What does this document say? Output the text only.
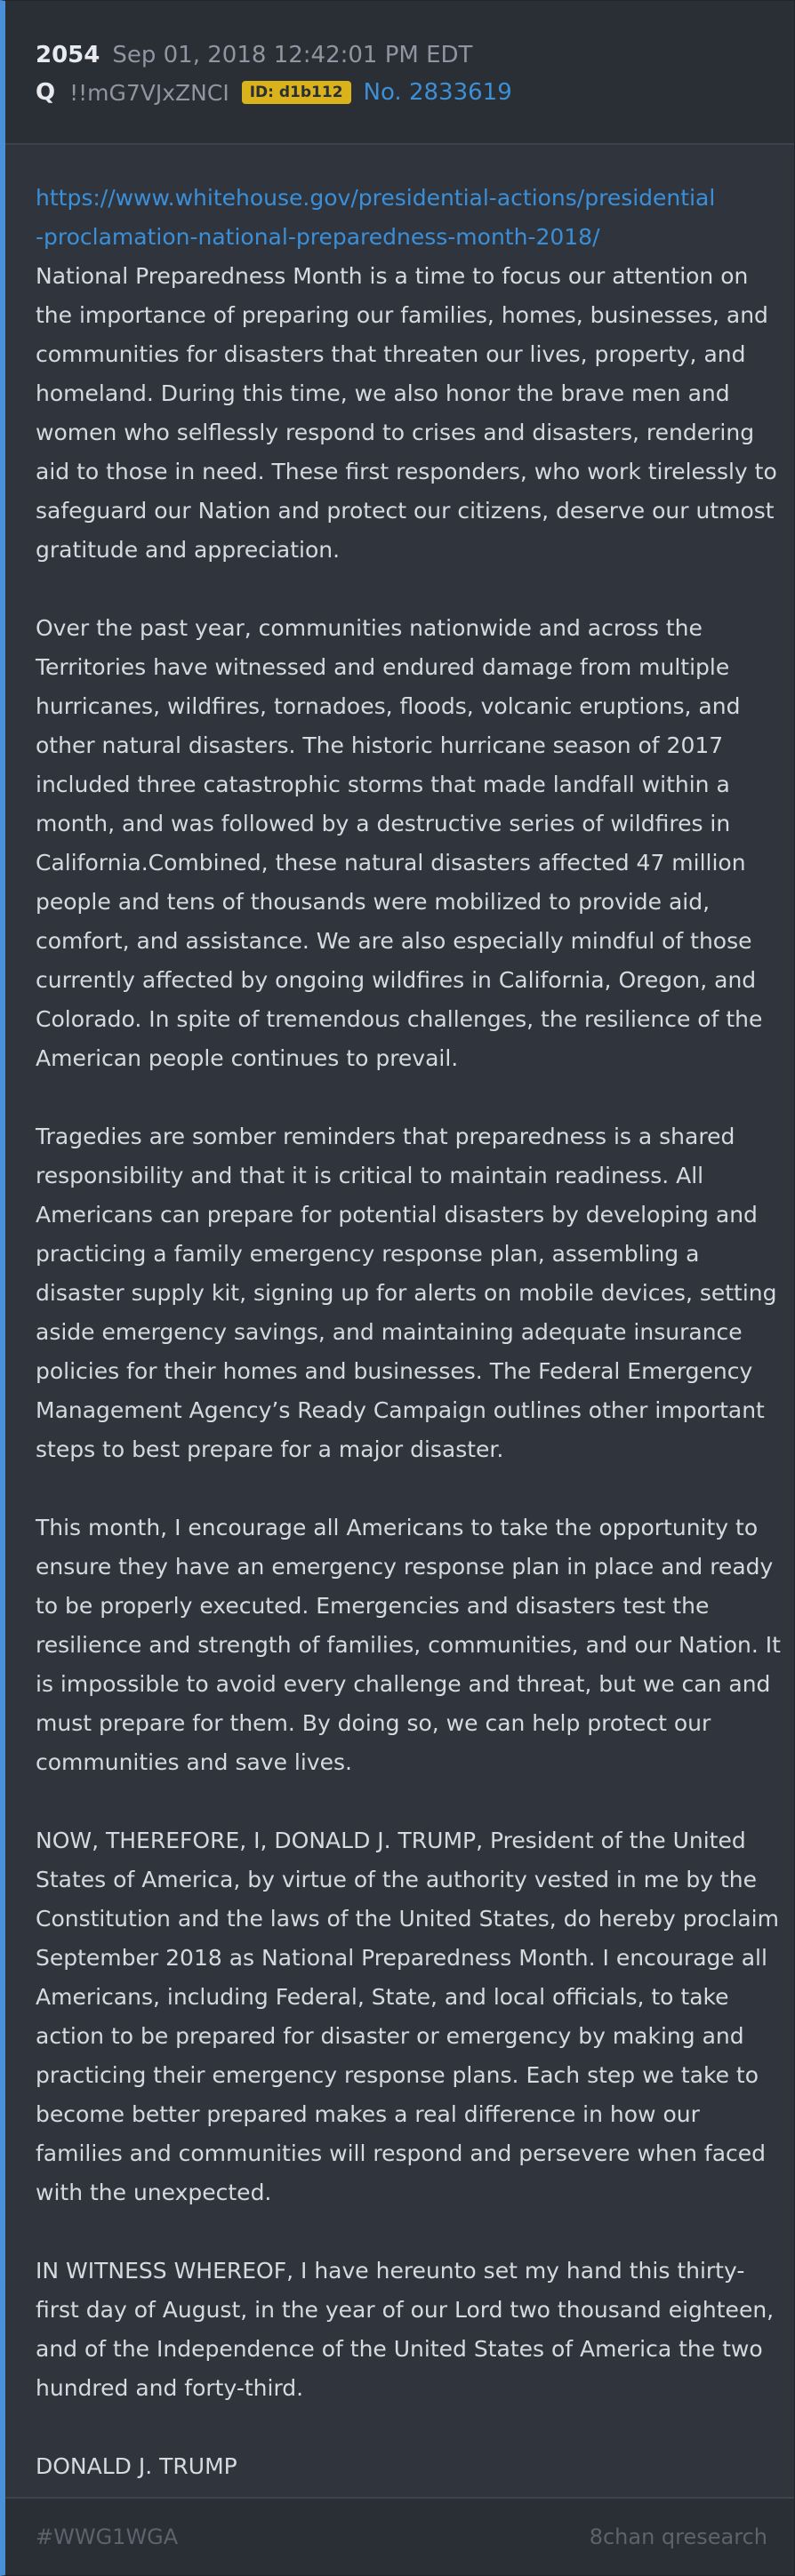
2054 Sep 01, 2018 12:42:01 PM EDT
Q !!mG7VJxZNCI	ID: d1b112 No. 2833619
https://www.whitehouse.gov/presidential-actions/presidential-proclamation-national-preparedness-month-2018/

National Preparedness Month is a time to focus our attention on the importance of preparing our families, homes, businesses, and communities for disasters that threaten our lives, property, and homeland. During this time, we also honor the brave men and women who selflessly respond to crises and disasters, rendering aid to those in need. These first responders, who work tirelessly to safeguard our Nation and protect our citizens, deserve our utmost gratitude and appreciation.

Over the past year, communities nationwide and across the Territories have witnessed and endured damage from multiple hurricanes, wildfires, tornadoes, floods, volcanic eruptions, and other natural disasters. The historic hurricane season of 2017 included three catastrophic storms that made landfall within a month, and was followed by a destructive series of wildfires in California.Combined, these natural disasters affected 47 million people and tens of thousands were mobilized to provide aid, comfort, and assistance. We are also especially mindful of those currently affected by ongoing wildfires in California, Oregon, and Colorado. In spite of tremendous challenges, the resilience of the American people continues to prevail.

Tragedies are somber reminders that preparedness is a shared responsibility and that it is critical to maintain readiness. All Americans can prepare for potential disasters by developing and practicing a family emergency response plan, assembling a disaster supply kit, signing up for alerts on mobile devices, setting aside emergency savings, and maintaining adequate insurance policies for their homes and businesses. The Federal Emergency Management Agency’s Ready Campaign outlines other important steps to best prepare for a major disaster.

This month, I encourage all Americans to take the opportunity to ensure they have an emergency response plan in place and ready to be properly executed. Emergencies and disasters test the resilience and strength of families, communities, and our Nation. It is impossible to avoid every challenge and threat, but we can and must prepare for them. By doing so, we can help protect our communities and save lives.

NOW, THEREFORE, I, DONALD J. TRUMP, President of the United States of America, by virtue of the authority vested in me by the Constitution and the laws of the United States, do hereby proclaim September 2018 as National Preparedness Month. I encourage all Americans, including Federal, State, and local officials, to take action to be prepared for disaster or emergency by making and practicing their emergency response plans. Each step we take to become better prepared makes a real difference in how our families and communities will respond and persevere when faced with the unexpected.

IN WITNESS WHEREOF, I have hereunto set my hand this thirty-first day of August, in the year of our Lord two thousand eighteen, and of the Independence of the United States of America the two hundred and forty-third.

DONALD J. TRUMP

#WWG1WGA	8chan qresearch
